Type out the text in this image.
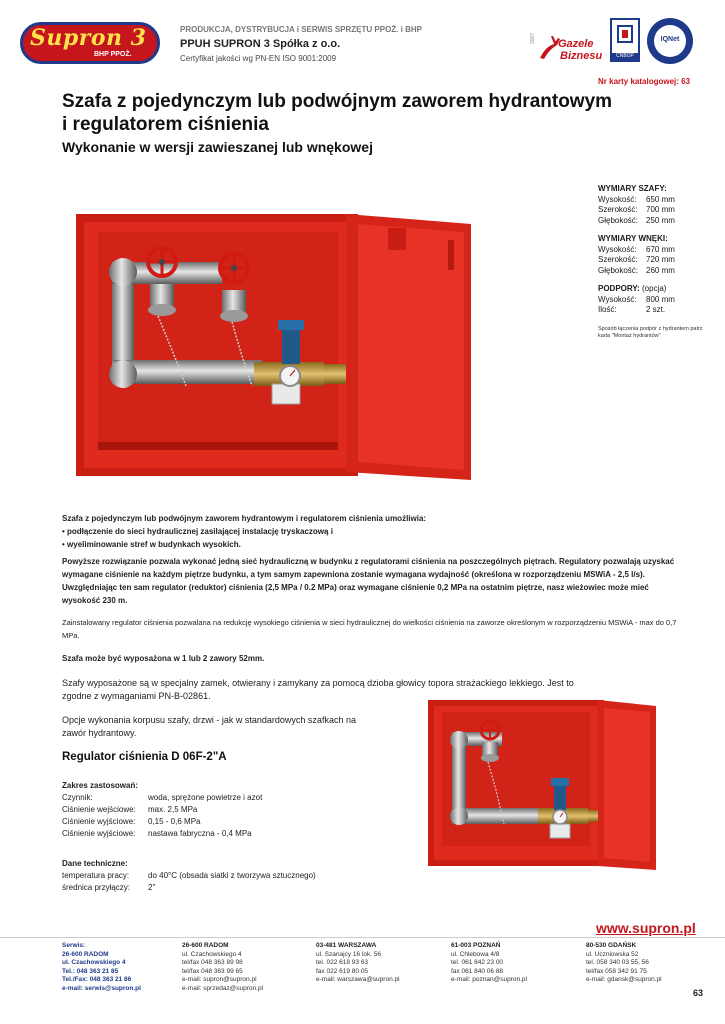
Supron 3
BHP PPOŻ.
PRODUKCJA, DYSTRYBUCJA i SERWIS SPRZĘTU PPOŻ. i BHP
PPUH SUPRON 3 Spółka z o.o.
Certyfikat jakości wg PN-EN ISO 9001:2009
2007 Gazele
Biznesu	CNBOP
IQNet
Nr karty katalogowej: 63
Szafa z pojedynczym lub podwójnym zaworem hydrantowym i regulatorem ciśnienia
Wykonanie w wersji zawieszanej lub wnękowej
WYMIARY SZAFY:
Wysokość:	650 mm
Szerokość:	700 mm
Głębokość: 250 mm
WYMIARY WNĘKI:
Wysokość:	670 mm
Szerokość:	720 mm
Głębokość: 260 mm
PODPORY: (opcja)
Wysokość:	800 mm
Ilość:	2 szt.
Sposób łączenia podpór z hydrantem patrz karta "Montaż hydrantów"
Szafa z pojedynczym lub podwójnym zaworem hydrantowym i regulatorem ciśnienia umożliwia:
• podłączenie do sieci hydraulicznej zasilającej instalację tryskaczową i
• wyeliminowanie stref w budynkach wysokich.
Powyższe rozwiązanie pozwala wykonać jedną sieć hydrauliczną w budynku z regulatorami ciśnienia na poszczególnych piętrach. Regulatory pozwalają uzyskać wymagane ciśnienie na każdym piętrze budynku, a tym samym zapewniona zostanie wymagana wydajność (określona w rozporządzeniu MSWiA - 2,5 l/s). Uwzględniając ten sam regulator (reduktor) ciśnienia (2,5 MPa / 0.2 MPa) oraz wymagane ciśnienie 0,2 MPa na ostatnim piętrze, nasz wieżowiec może mieć wysokość 230 m.
Zainstalowany regulator ciśnienia pozwalana na redukcję wysokiego ciśnienia w sieci hydraulicznej do wielkości ciśnienia na zaworze określonym w rozporządzeniu MSWiA - max do 0,7 MPa.
Szafa może być wyposażona w 1 lub 2 zawory 52mm.
Szafy wyposażone są w specjalny zamek, otwierany i zamykany za pomocą dzioba głowicy topora strażackiego lekkiego. Jest to zgodne z wymaganiami PN-B-02861.
Opcje wykonania korpusu szafy, drzwi - jak w standardowych szafkach na zawór hydrantowy.
Regulator ciśnienia D 06F-2"A
Zakres zastosowań:
Czynnik:	woda, sprężone powietrze i azot
Ciśnienie wejściowe:	max. 2,5 MPa
Ciśnienie wyjściowe:	0,15 - 0,6 MPa
Ciśnienie wyjściowe:	nastawa fabryczna - 0,4 MPa
Dane techniczne:
temperatura pracy:	do 40°C (obsada siatki z tworzywa sztucznego)
średnica przyłączy:	2"
www.supron.pl
Serwis:
26-600 RADOM
ul. Czachowskiego 4
Tel.: 048 363 21 85
Tel./Fax: 048 363 21 86
e-mail: serwis@supron.pl
26-600 RADOM
ul. Czachowskiego 4
tel/fax 048 363 89 98
tel/fax 048 363 99 65
e-mail: supron@supron.pl
e-mail: sprzedaz@supron.pl
03-481 WARSZAWA
ul. Szanajcy 16 lok. 56
tel. 022 618 93 63
fax 022 619 80 05
e-mail: warszawa@supron.pl
61-003 POZNAŃ
ul. Chlebowa 4/8
tel. 061 842 23 00
fax 061 840 06 88
e-mail: poznan@supron.pl
80-530 GDAŃSK
ul. Uczniowska 52
tel. 058 340 03 55, 56
tel/fax 058 342 91 75
e-mail: gdansk@supron.pl
63
